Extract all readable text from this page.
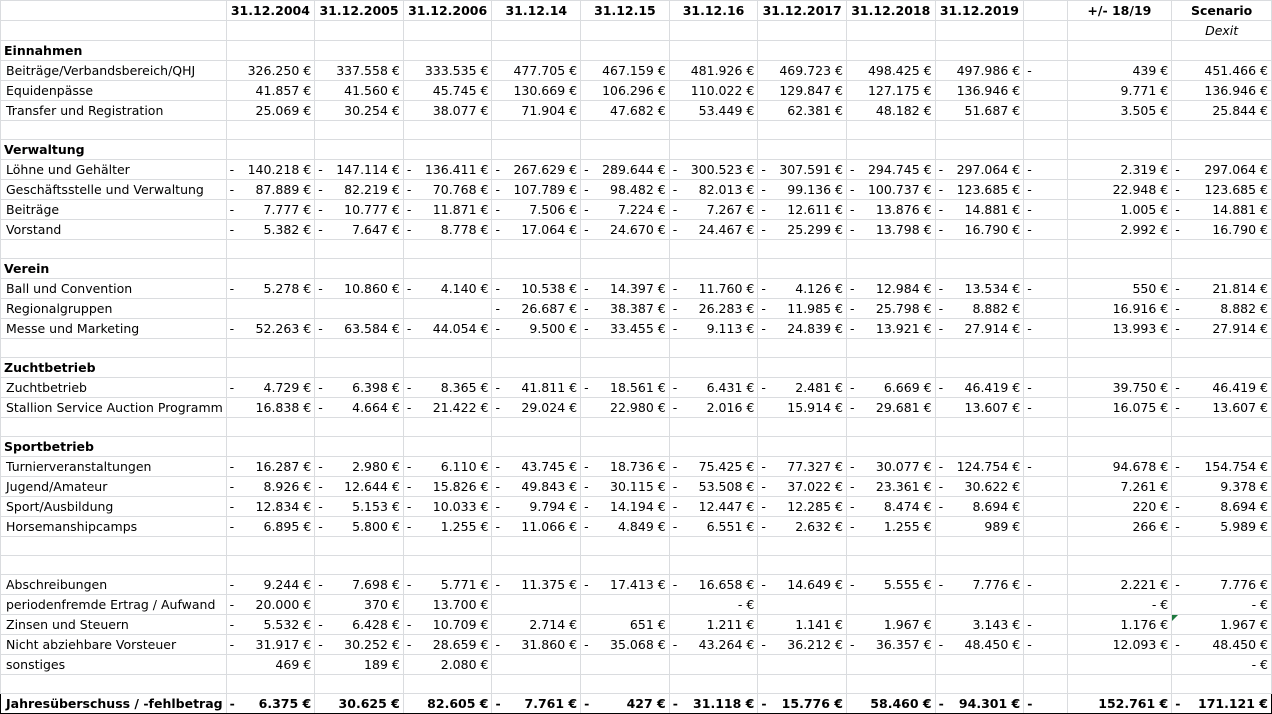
	31.12.2004	31.12.2005	31.12.2006	31.12.14	31.12.15	31.12.16	31.12.2017	31.12.2018	31.12.2019		+/- 18/19	Scenario
												Dexit
Einnahmen												
Beiträge/Verbandsbereich/QHJ	326.250 €	337.558 €	333.535 €	477.705 €	467.159 €	481.926 €	469.723 €	498.425 €	497.986 €	-	439 €	451.466 €
Equidenpässe	41.857 €	41.560 €	45.745 €	130.669 €	106.296 €	110.022 €	129.847 €	127.175 €	136.946 €		9.771 €	136.946 €
Transfer und Registration	25.069 €	30.254 €	38.077 €	71.904 €	47.682 €	53.449 €	62.381 €	48.182 €	51.687 €		3.505 €	25.844 €

Verwaltung												
Löhne und Gehälter	- 140.218 €	- 147.114 €	- 136.411 €	- 267.629 €	- 289.644 €	- 300.523 €	- 307.591 €	- 294.745 €	- 297.064 €	-	2.319 €	- 297.064 €
Geschäftsstelle und Verwaltung	- 87.889 €	- 82.219 €	- 70.768 €	- 107.789 €	- 98.482 €	- 82.013 €	- 99.136 €	- 100.737 €	- 123.685 €	-	22.948 €	- 123.685 €
Beiträge	- 7.777 €	- 10.777 €	- 11.871 €	- 7.506 €	- 7.224 €	- 7.267 €	- 12.611 €	- 13.876 €	- 14.881 €	-	1.005 €	- 14.881 €
Vorstand	- 5.382 €	- 7.647 €	- 8.778 €	- 17.064 €	- 24.670 €	- 24.467 €	- 25.299 €	- 13.798 €	- 16.790 €	-	2.992 €	- 16.790 €

Verein												
Ball und Convention	- 5.278 €	- 10.860 €	- 4.140 €	- 10.538 €	- 14.397 €	- 11.760 €	- 4.126 €	- 12.984 €	- 13.534 €	-	550 €	- 21.814 €
Regionalgruppen				- 26.687 €	- 38.387 €	- 26.283 €	- 11.985 €	- 25.798 €	- 8.882 €		16.916 €	- 8.882 €
Messe und Marketing	- 52.263 €	- 63.584 €	- 44.054 €	- 9.500 €	- 33.455 €	- 9.113 €	- 24.839 €	- 13.921 €	- 27.914 €	-	13.993 €	- 27.914 €

Zuchtbetrieb												
Zuchtbetrieb	- 4.729 €	- 6.398 €	- 8.365 €	- 41.811 €	- 18.561 €	- 6.431 €	- 2.481 €	- 6.669 €	- 46.419 €	-	39.750 €	- 46.419 €
Stallion Service Auction Programm	16.838 €	- 4.664 €	- 21.422 €	- 29.024 €	22.980 €	- 2.016 €	15.914 €	- 29.681 €	13.607 €	-	16.075 €	- 13.607 €

Sportbetrieb												
Turnierveranstaltungen	- 16.287 €	- 2.980 €	- 6.110 €	- 43.745 €	- 18.736 €	- 75.425 €	- 77.327 €	- 30.077 €	- 124.754 €	-	94.678 €	- 154.754 €
Jugend/Amateur	- 8.926 €	- 12.644 €	- 15.826 €	- 49.843 €	- 30.115 €	- 53.508 €	- 37.022 €	- 23.361 €	- 30.622 €		7.261 €	9.378 €
Sport/Ausbildung	- 12.834 €	- 5.153 €	- 10.033 €	- 9.794 €	- 14.194 €	- 12.447 €	- 12.285 €	- 8.474 €	- 8.694 €		220 €	- 8.694 €
Horsemanshipcamps	- 6.895 €	- 5.800 €	- 1.255 €	- 11.066 €	- 4.849 €	- 6.551 €	- 2.632 €	- 1.255 €	989 €		266 €	- 5.989 €

Abschreibungen	- 9.244 €	- 7.698 €	- 5.771 €	- 11.375 €	- 17.413 €	- 16.658 €	- 14.649 €	- 5.555 €	- 7.776 €	-	2.221 €	- 7.776 €
periodenfremde Ertrag / Aufwand	- 20.000 €	370 €	13.700 €			- €					- €	- €
Zinsen und Steuern	- 5.532 €	- 6.428 €	- 10.709 €	2.714 €	651 €	1.211 €	1.141 €	1.967 €	3.143 €	-	1.176 €	1.967 €
Nicht abziehbare Vorsteuer	- 31.917 €	- 30.252 €	- 28.659 €	- 31.860 €	- 35.068 €	- 43.264 €	- 36.212 €	- 36.357 €	- 48.450 €	-	12.093 €	- 48.450 €
sonstiges	469 €	189 €	2.080 €									- €

Jahresüberschuss / -fehlbetrag	- 6.375 €	30.625 €	82.605 €	- 7.761 €	- 427 €	- 31.118 €	- 15.776 €	58.460 €	- 94.301 €	-	152.761 €	- 171.121 €
